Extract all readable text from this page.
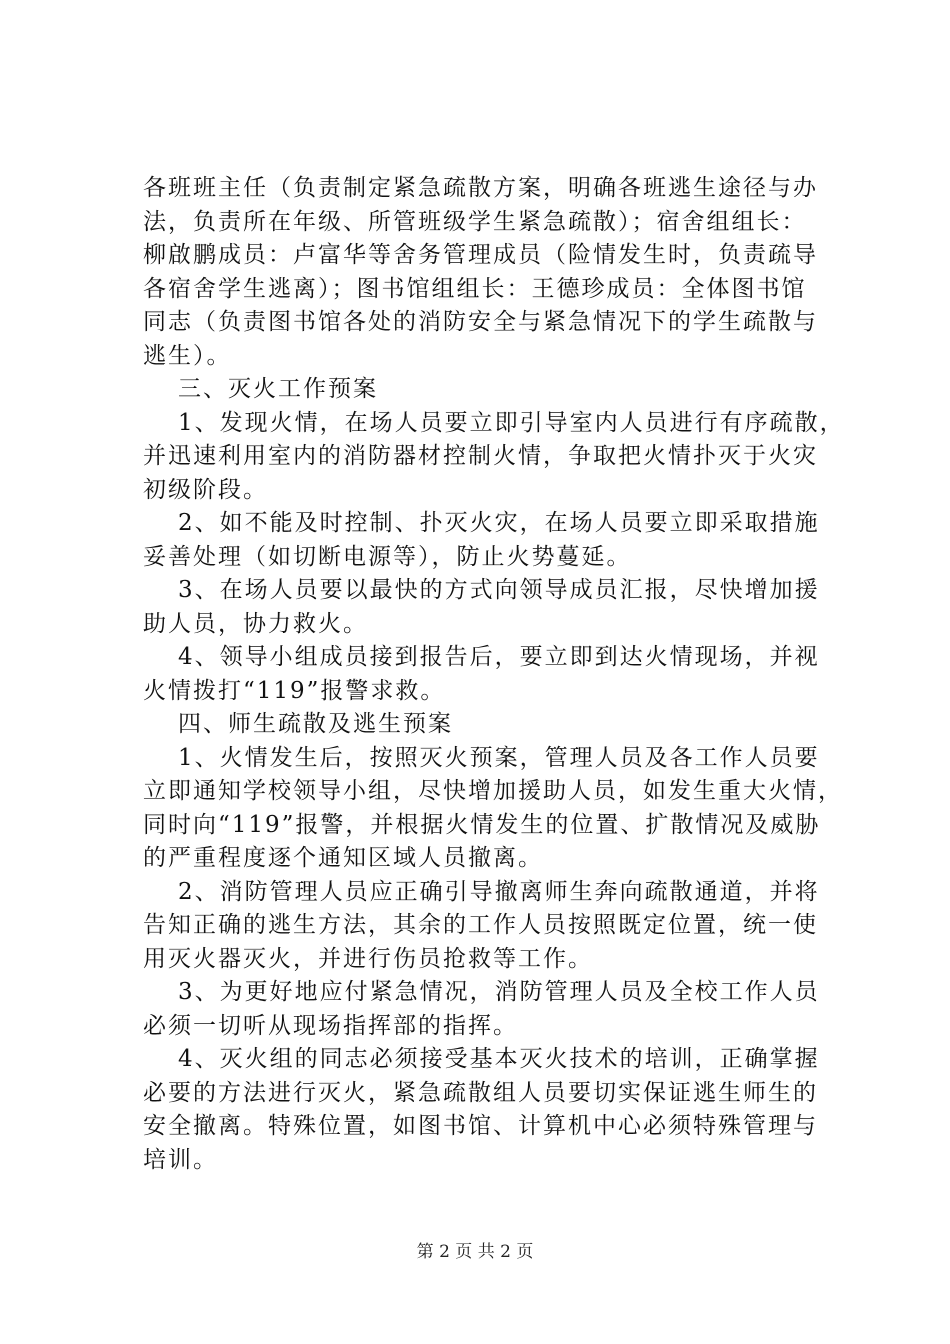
各班班主任（负责制定紧急疏散方案，明确各班逃生途径与办
法，负责所在年级、所管班级学生紧急疏散）；宿舍组组长：
柳啟鹏成员：卢富华等舍务管理成员（险情发生时，负责疏导
各宿舍学生逃离）；图书馆组组长：王德珍成员：全体图书馆
同志（负责图书馆各处的消防安全与紧急情况下的学生疏散与
逃生）。
三、灭火工作预案
1、发现火情，在场人员要立即引导室内人员进行有序疏散，
并迅速利用室内的消防器材控制火情，争取把火情扑灭于火灾
初级阶段。
2、如不能及时控制、扑灭火灾，在场人员要立即采取措施
妥善处理（如切断电源等），防止火势蔓延。
3、在场人员要以最快的方式向领导成员汇报，尽快增加援
助人员，协力救火。
4、领导小组成员接到报告后，要立即到达火情现场，并视
火情拨打“119”报警求救。
四、师生疏散及逃生预案
1、火情发生后，按照灭火预案，管理人员及各工作人员要
立即通知学校领导小组，尽快增加援助人员，如发生重大火情，
同时向“119”报警，并根据火情发生的位置、扩散情况及威胁
的严重程度逐个通知区域人员撤离。
2、消防管理人员应正确引导撤离师生奔向疏散通道，并将
告知正确的逃生方法，其余的工作人员按照既定位置，统一使
用灭火器灭火，并进行伤员抢救等工作。
3、为更好地应付紧急情况，消防管理人员及全校工作人员
必须一切听从现场指挥部的指挥。
4、灭火组的同志必须接受基本灭火技术的培训，正确掌握
必要的方法进行灭火，紧急疏散组人员要切实保证逃生师生的
安全撤离。特殊位置，如图书馆、计算机中心必须特殊管理与
培训。
第 2 页 共 2 页
